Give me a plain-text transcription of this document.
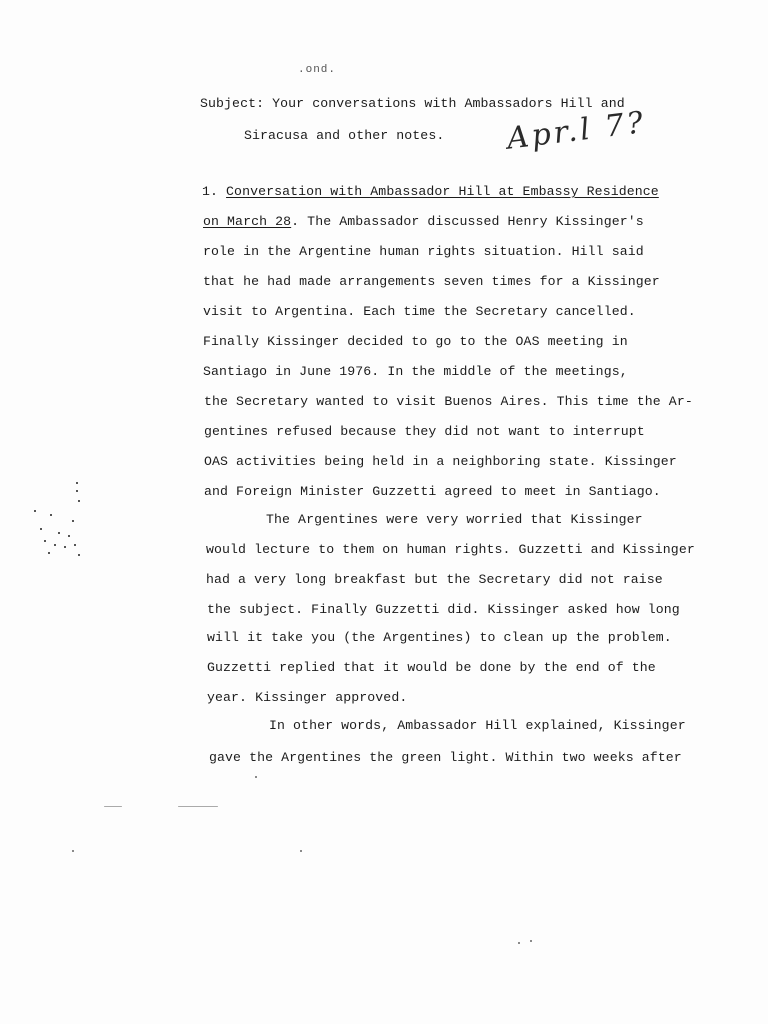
.ond.
Subject: Your conversations with Ambassadors Hill and
Siracusa and other notes. Apr.l 7?
1. Conversation with Ambassador Hill at Embassy Residence
on March 28. The Ambassador discussed Henry Kissinger's
role in the Argentine human rights situation. Hill said
that he had made arrangements seven times for a Kissinger
visit to Argentina. Each time the Secretary cancelled.
Finally Kissinger decided to go to the OAS meeting in
Santiago in June 1976. In the middle of the meetings,
the Secretary wanted to visit Buenos Aires. This time the Ar-
gentines refused because they did not want to interrupt
OAS activities being held in a neighboring state. Kissinger
and Foreign Minister Guzzetti agreed to meet in Santiago.
The Argentines were very worried that Kissinger
would lecture to them on human rights. Guzzetti and Kissinger
had a very long breakfast but the Secretary did not raise
the subject. Finally Guzzetti did. Kissinger asked how long
will it take you (the Argentines) to clean up the problem.
Guzzetti replied that it would be done by the end of the
year. Kissinger approved.
In other words, Ambassador Hill explained, Kissinger
gave the Argentines the green light. Within two weeks after
